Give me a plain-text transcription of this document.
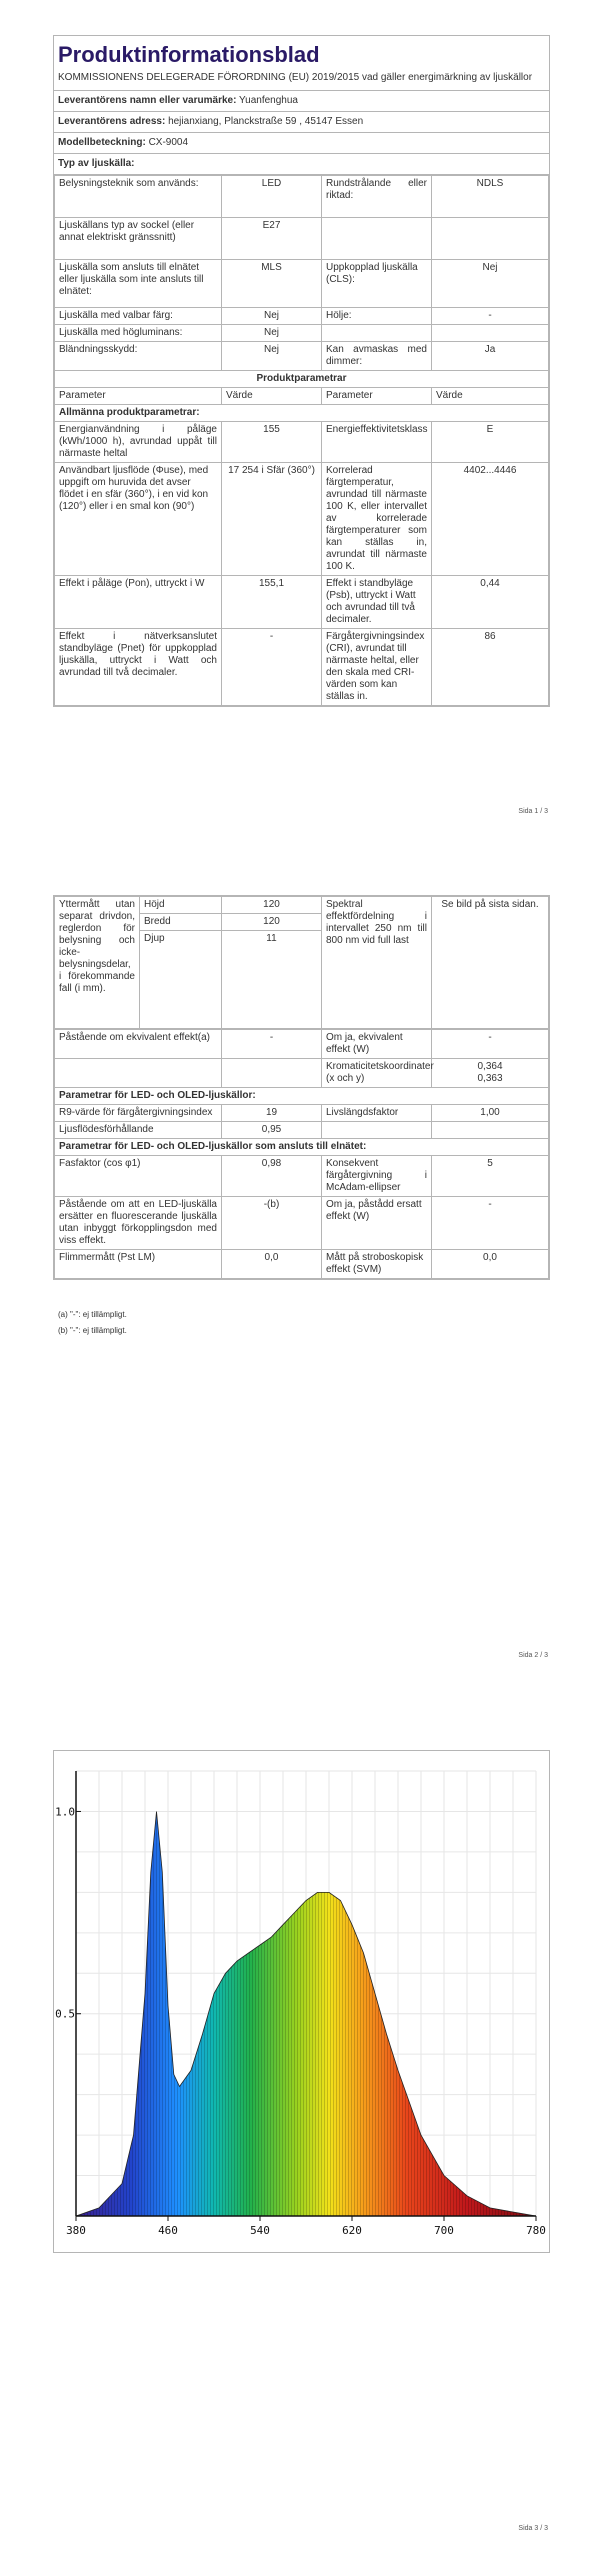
Produktinformationsblad
KOMMISSIONENS DELEGERADE FÖRORDNING (EU) 2019/2015 vad gäller energimärkning av ljuskällor
Leverantörens namn eller varumärke: Yuanfenghua
Leverantörens adress: hejianxiang, Planckstraße 59 , 45147 Essen
Modellbeteckning: CX-9004
Typ av ljuskälla:
Belysningsteknik som används:	LED	Rundstrålande eller riktad:	NDLS
Ljuskällans typ av sockel (eller annat elektriskt gränssnitt)	E27		
Ljuskälla som ansluts till elnätet eller ljuskälla som inte ansluts till elnätet:	MLS	Uppkopplad ljuskälla (CLS):	Nej
Ljuskälla med valbar färg:	Nej	Hölje:	-
Ljuskälla med högluminans:	Nej		
Bländningsskydd:	Nej	Kan avmaskas med dimmer:	Ja
Produktparametrar			
Parameter	Värde	Parameter	Värde
Allmänna produktparametrar:			
Energianvändning i påläge (kWh/1000 h), avrundad uppåt till närmaste heltal	155	Energieffektivitetsklass	E
Användbart ljusflöde (Φuse), med uppgift om huruvida det avser flödet i en sfär (360°), i en vid kon (120°) eller i en smal kon (90°)	17 254 i Sfär (360°)	Korrelerad färgtemperatur, avrundad till närmaste 100 K, eller intervallet av korrelerade färgtemperaturer som kan ställas in, avrundat till närmaste 100 K.	4402...4446
Effekt i påläge (Pon), uttryckt i W	155,1	Effekt i standbyläge (Psb), uttryckt i Watt och avrundad till två decimaler.	0,44
Effekt i nätverksanslutet standbyläge (Pnet) för uppkopplad ljuskälla, uttryckt i Watt och avrundad till två decimaler.	-	Färgåtergivningsindex (CRI), avrundat till närmaste heltal, eller den skala med CRI-värden som kan ställas in.	86
Sida 1 / 3
Yttermått utan separat drivdon, reglerdon för belysning och icke-belysningsdelar, i förekommande fall (i mm).	Höjd	120	Spektral effektfördelning i intervallet 250 nm till 800 nm vid full last	Se bild på sista sidan.
	Bredd	120		
	Djup	11		
Påstående om ekvivalent effekt(a)	-	Om ja, ekvivalent effekt (W)	-
		Kromaticitetskoordinater (x och y)	0,364
0,363
Parametrar för LED- och OLED-ljuskällor:			
R9-värde för färgåtergivningsindex	19	Livslängdsfaktor	1,00
Ljusflödesförhållande	0,95		
Parametrar för LED- och OLED-ljuskällor som ansluts till elnätet:			
Fasfaktor (cos φ1)	0,98	Konsekvent färgåtergivning i McAdam-ellipser	5
Påstående om att en LED-ljuskälla ersätter en fluorescerande ljuskälla utan inbyggt förkopplingsdon med viss effekt.	-(b)	Om ja, påstådd ersatt effekt (W)	-
Flimmermått (Pst LM)	0,0	Mått på stroboskopisk effekt (SVM)	0,0
(a) "-": ej tillämpligt.
(b) "-": ej tillämpligt.
Sida 2 / 3
380	460	540	620	700	780
0.5
1.0
Sida 3 / 3
